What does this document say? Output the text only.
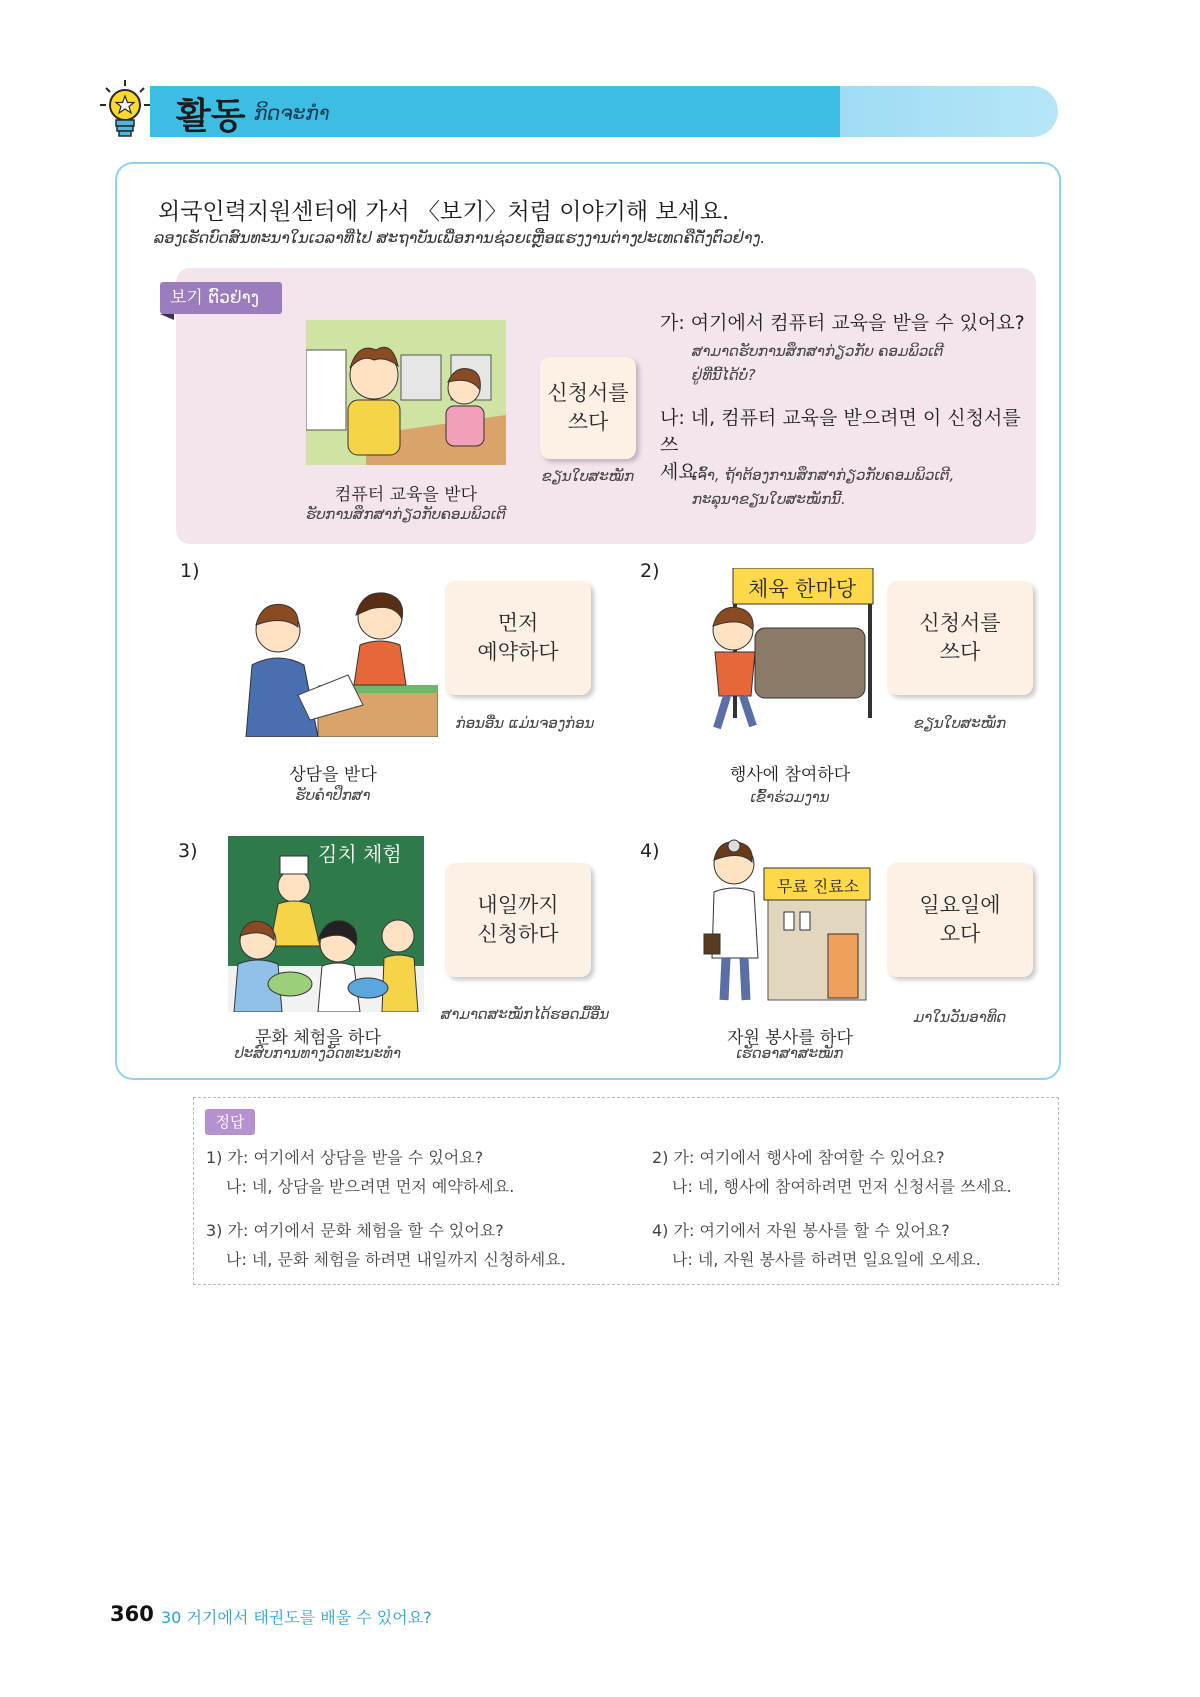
활동 ກິດຈະກຳ
외국인력지원센터에 가서 〈보기〉처럼 이야기해 보세요.
ລອງເຮັດບົດສົນທະນາໃນເວລາທີ່ໄປ ສະຖາບັນເພື່ອການຊ່ວຍເຫຼືອແຮງງານຕ່າງປະເທດຄືດັ່ງຕົວຢ່າງ.
보기 ຕົວຢ່າງ
컴퓨터 교육을 받다
ຮັບການສຶກສາກ່ຽວກັບຄອມພິວເຕີ
신청서를
쓰다
ຂຽນໃບສະໝັກ
가: 여기에서 컴퓨터 교육을 받을 수 있어요?
ສາມາດຮັບການສຶກສາກ່ຽວກັບ ຄອມພິວເຕີ
ຢູ່ທີ່ນີ້ໄດ້ບໍ່?
나: 네, 컴퓨터 교육을 받으려면 이 신청서를 쓰
세요.
ເຈົ້າ, ຖ້າຕ້ອງການສຶກສາກ່ຽວກັບຄອມພິວເຕີ,
ກະລຸນາຂຽນໃບສະໝັກນີ້.
1)
먼저
예약하다
ກ່ອນອື່ນ ແມ່ນຈອງກ່ອນ
상담을 받다
ຮັບຄຳປຶກສາ
2)
체육 한마당
신청서를
쓰다
ຂຽນໃບສະໝັກ
행사에 참여하다
ເຂົ້າຮ່ວມງານ
3)	김치 체험
내일까지
신청하다
ສາມາດສະໝັກໄດ້ຮອດມື້ອື່ນ
문화 체험을 하다
ປະສົບການທາງວັດທະນະທຳ
4)
무료 진료소
일요일에
오다
ມາໃນວັນອາທິດ
자원 봉사를 하다
ເຮັດອາສາສະໝັກ
정답
1) 가: 여기에서 상담을 받을 수 있어요?
나: 네, 상담을 받으려면 먼저 예약하세요.
2) 가: 여기에서 행사에 참여할 수 있어요?
나: 네, 행사에 참여하려면 먼저 신청서를 쓰세요.
3) 가: 여기에서 문화 체험을 할 수 있어요?
나: 네, 문화 체험을 하려면 내일까지 신청하세요.
4) 가: 여기에서 자원 봉사를 할 수 있어요?
나: 네, 자원 봉사를 하려면 일요일에 오세요.
360 30 거기에서 태권도를 배울 수 있어요?
